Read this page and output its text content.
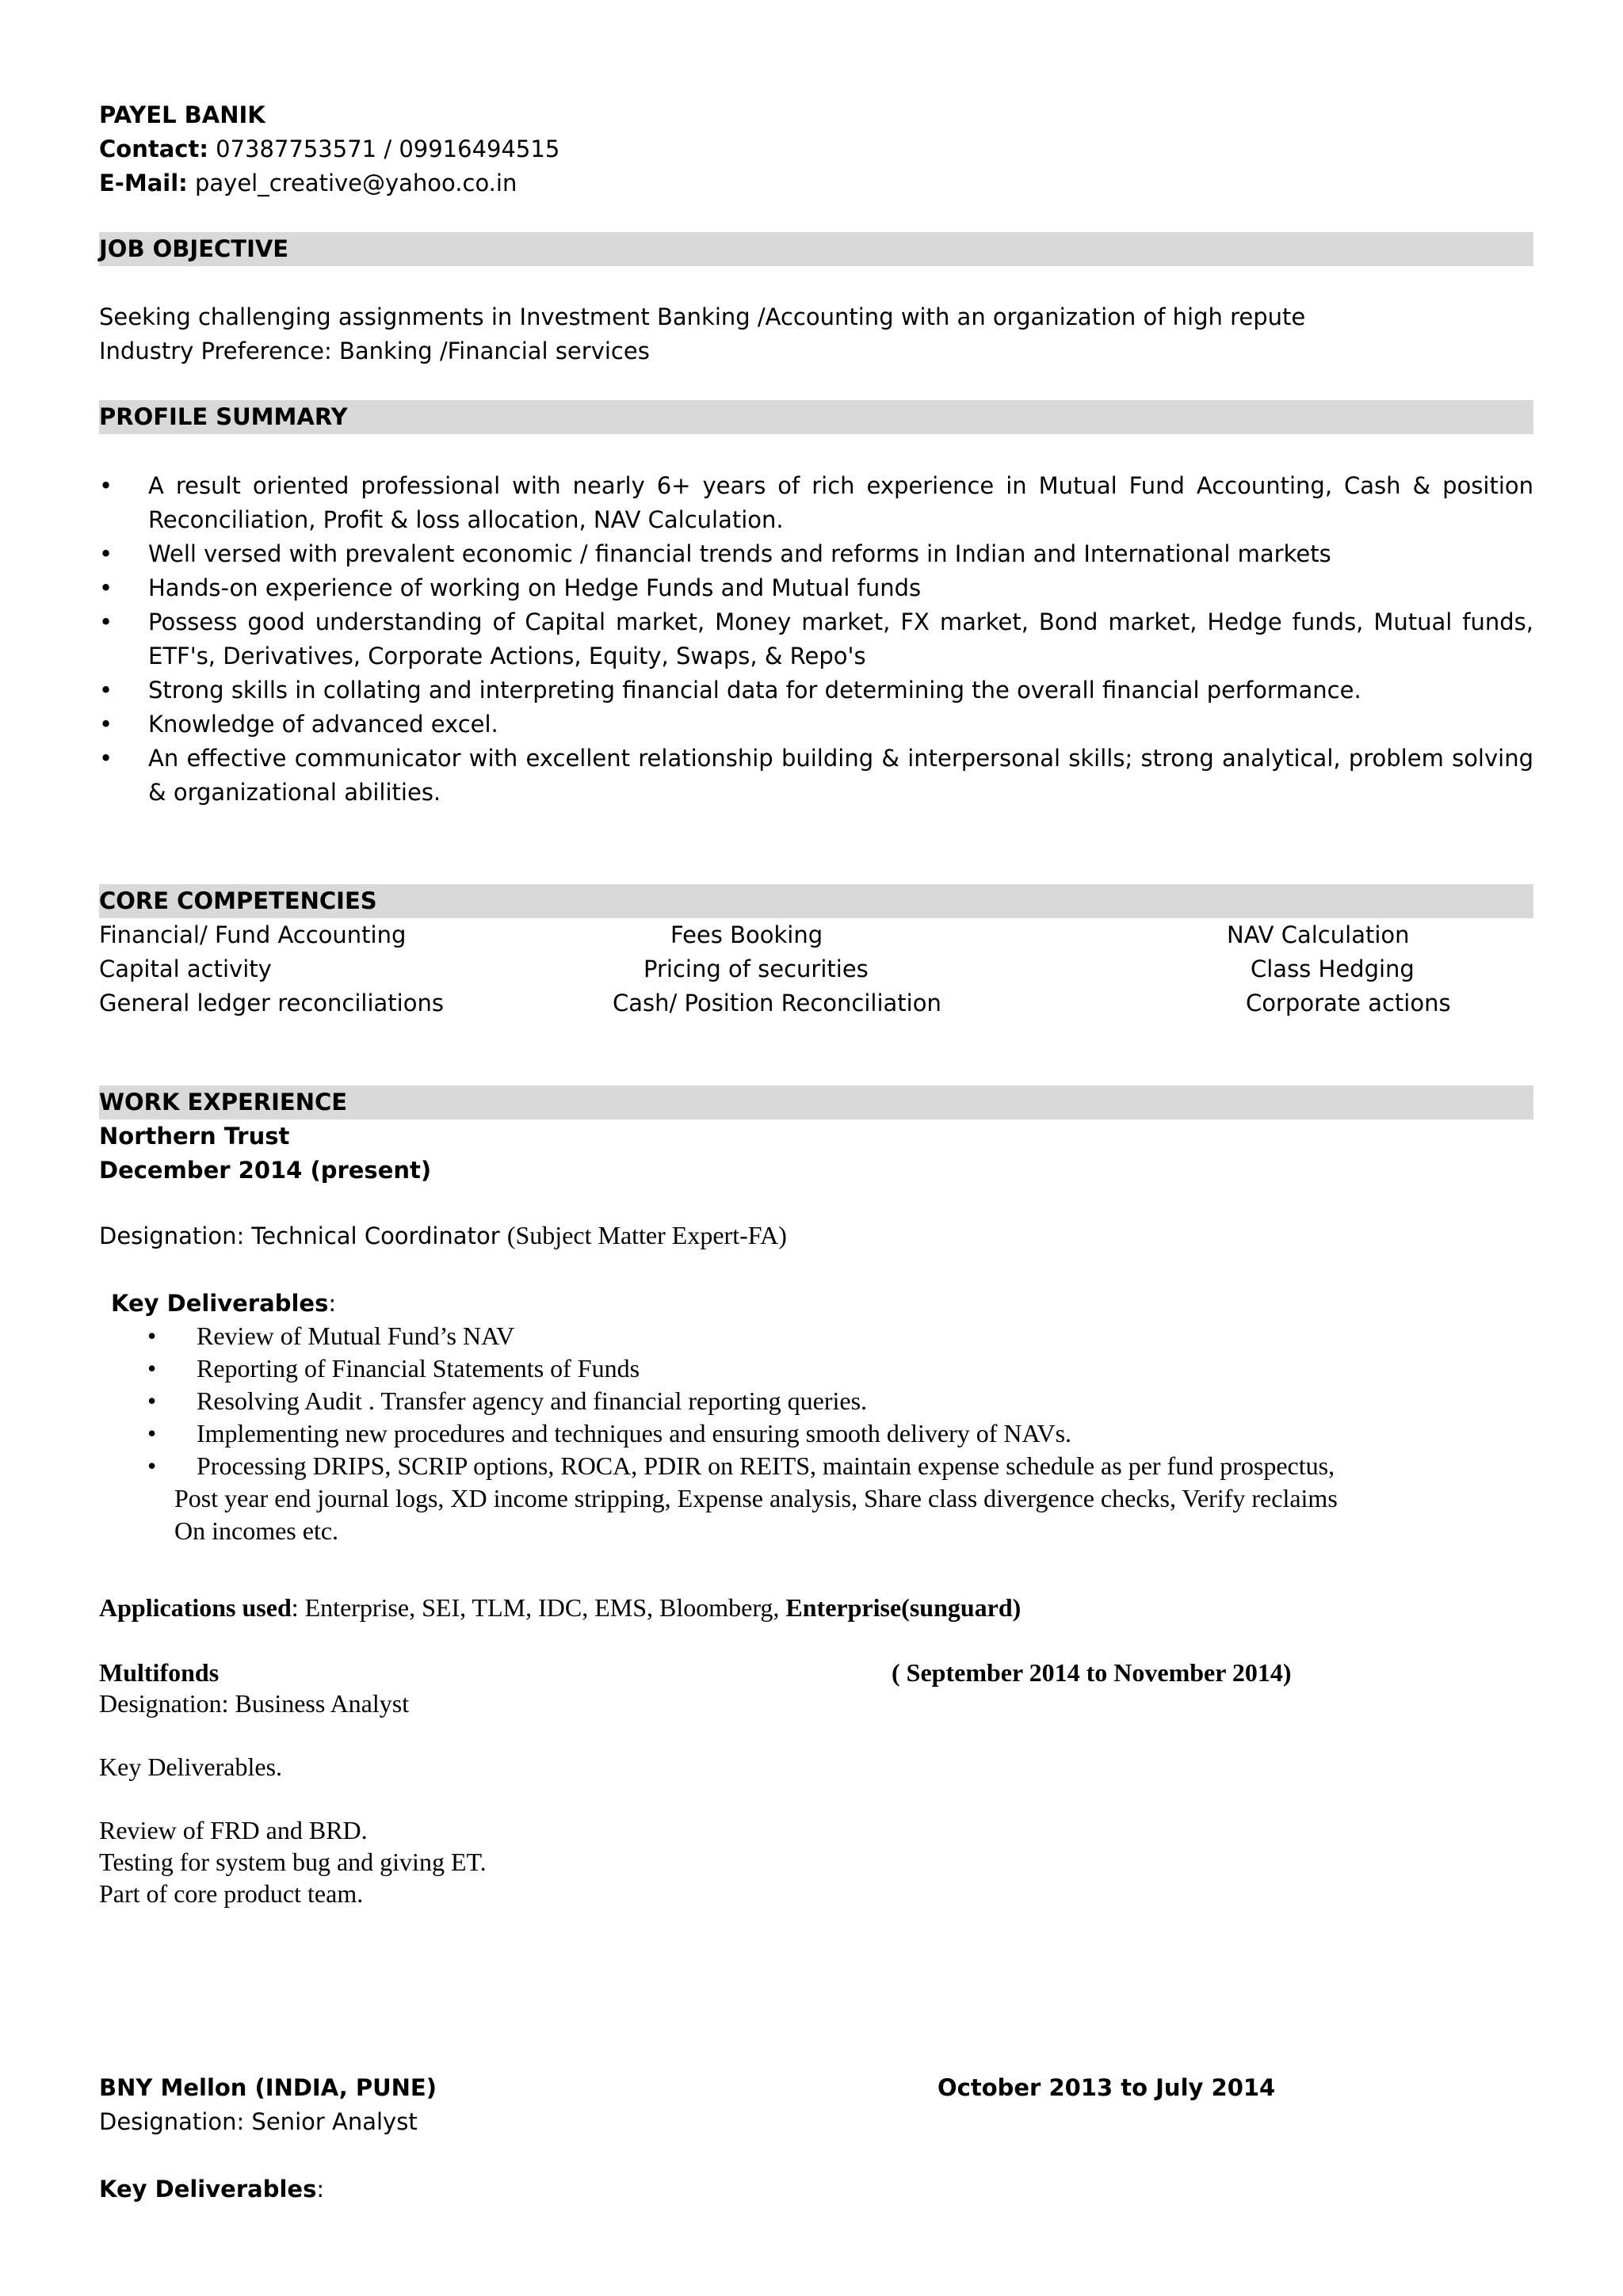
PAYEL BANIK
Contact: 07387753571 / 09916494515
E-Mail: payel_creative@yahoo.co.in
JOB OBJECTIVE
Seeking challenging assignments in Investment Banking /Accounting with an organization of high repute
Industry Preference: Banking /Financial services
PROFILE SUMMARY
• A result oriented professional with nearly 6+ years of rich experience in Mutual Fund Accounting, Cash & position Reconciliation, Profit & loss allocation, NAV Calculation.
• Well versed with prevalent economic / financial trends and reforms in Indian and International markets
• Hands-on experience of working on Hedge Funds and Mutual funds
• Possess good understanding of Capital market, Money market, FX market, Bond market, Hedge funds, Mutual funds, ETF's, Derivatives, Corporate Actions, Equity, Swaps, & Repo's
• Strong skills in collating and interpreting financial data for determining the overall financial performance.
• Knowledge of advanced excel.
• An effective communicator with excellent relationship building & interpersonal skills; strong analytical, problem solving & organizational abilities.
CORE COMPETENCIES
Financial/ Fund Accounting
Capital activity
General ledger reconciliations
Fees Booking
Pricing of securities
Cash/ Position Reconciliation
NAV Calculation
Class Hedging
Corporate actions
WORK EXPERIENCE
Northern Trust
December 2014 (present)
Designation: Technical Coordinator (Subject Matter Expert-FA)
Key Deliverables:
• Review of Mutual Fund’s NAV
• Reporting of Financial Statements of Funds
• Resolving Audit . Transfer agency and financial reporting queries.
• Implementing new procedures and techniques and ensuring smooth delivery of NAVs.
• Processing DRIPS, SCRIP options, ROCA, PDIR on REITS, maintain expense schedule as per fund prospectus,
Post year end journal logs, XD income stripping, Expense analysis, Share class divergence checks, Verify reclaims
On incomes etc.
Applications used: Enterprise, SEI, TLM, IDC, EMS, Bloomberg, Enterprise(sunguard)
Multifonds	( September 2014 to November 2014)
Designation: Business Analyst
Key Deliverables.
Review of FRD and BRD.
Testing for system bug and giving ET.
Part of core product team.
BNY Mellon (INDIA, PUNE)	October 2013 to July 2014
Designation: Senior Analyst
Key Deliverables:
